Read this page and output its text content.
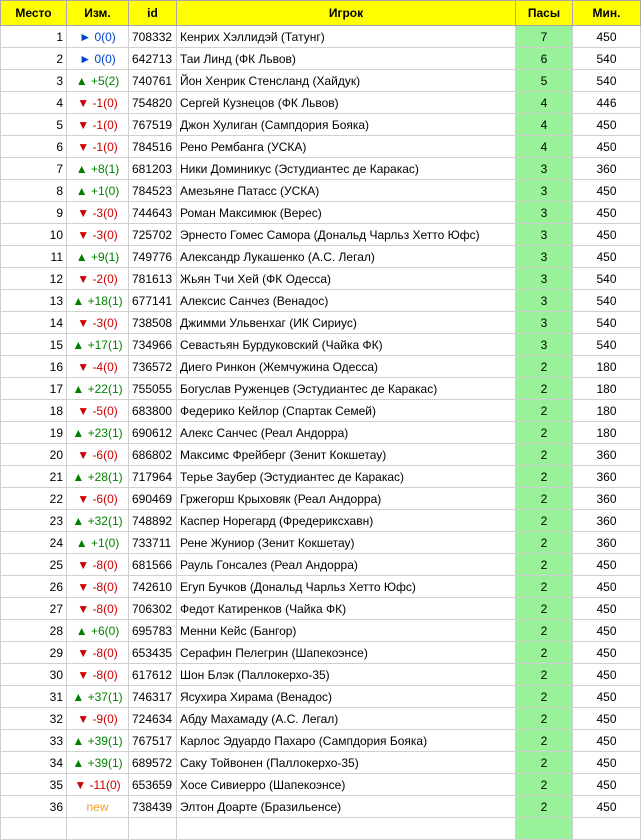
Место	Изм.	id	Игрок	Пасы	Мин.
1	► 0(0)	708332	Кенрих Хэллидэй (Татунг)	7	450
2	► 0(0)	642713	Таи Линд (ФК Львов)	6	540
3	▲ +5(2)	740761	Йон Хенрик Стенсланд (Хайдук)	5	540
4	▼ -1(0)	754820	Сергей Кузнецов (ФК Львов)	4	446
5	▼ -1(0)	767519	Джон Хулиган (Сампдория Бояка)	4	450
6	▼ -1(0)	784516	Рено Рембанга (УСКА)	4	450
7	▲ +8(1)	681203	Ники Доминикус (Эстудиантес де Каракас)	3	360
8	▲ +1(0)	784523	Амезьяне Патасс (УСКА)	3	450
9	▼ -3(0)	744643	Роман Максимюк (Верес)	3	450
10	▼ -3(0)	725702	Эрнесто Гомес Самора (Дональд Чарльз Хетто Юфс)	3	450
11	▲ +9(1)	749776	Александр Лукашенко (А.С. Легал)	3	450
12	▼ -2(0)	781613	Жьян Тчи Хей (ФК Одесса)	3	540
13	▲ +18(1)	677141	Алексис Санчез (Венадос)	3	540
14	▼ -3(0)	738508	Джимми Ульвенхаг (ИК Сириус)	3	540
15	▲ +17(1)	734966	Севастьян Бурдуковский (Чайка ФК)	3	540
16	▼ -4(0)	736572	Диего Ринкон (Жемчужина Одесса)	2	180
17	▲ +22(1)	755055	Богуслав Руженцев (Эстудиантес де Каракас)	2	180
18	▼ -5(0)	683800	Федерико Кейлор (Спартак Семей)	2	180
19	▲ +23(1)	690612	Алекс Санчес (Реал Андорра)	2	180
20	▼ -6(0)	686802	Максимс Фрейберг (Зенит Кокшетау)	2	360
21	▲ +28(1)	717964	Терье Заубер (Эстудиантес де Каракас)	2	360
22	▼ -6(0)	690469	Гржегорш Крыховяк (Реал Андорра)	2	360
23	▲ +32(1)	748892	Каспер Норегард (Фредериксхавн)	2	360
24	▲ +1(0)	733711	Рене Жуниор (Зенит Кокшетау)	2	360
25	▼ -8(0)	681566	Рауль Гонсалез (Реал Андорра)	2	450
26	▼ -8(0)	742610	Егуп Бучков (Дональд Чарльз Хетто Юфс)	2	450
27	▼ -8(0)	706302	Федот Катиренков (Чайка ФК)	2	450
28	▲ +6(0)	695783	Менни Кейс (Бангор)	2	450
29	▼ -8(0)	653435	Серафин Пелегрин (Шапекоэнсе)	2	450
30	▼ -8(0)	617612	Шон Блэк (Паллокерхо-35)	2	450
31	▲ +37(1)	746317	Ясухира Хирама (Венадос)	2	450
32	▼ -9(0)	724634	Абду Махамаду (А.С. Легал)	2	450
33	▲ +39(1)	767517	Карлос Эдуардо Пахаро (Сампдория Бояка)	2	450
34	▲ +39(1)	689572	Саку Тойвонен (Паллокерхо-35)	2	450
35	▼ -11(0)	653659	Хосе Сивиерро (Шапекоэнсе)	2	450
36	new	738439	Элтон Доарте (Бразильенсе)	2	450
